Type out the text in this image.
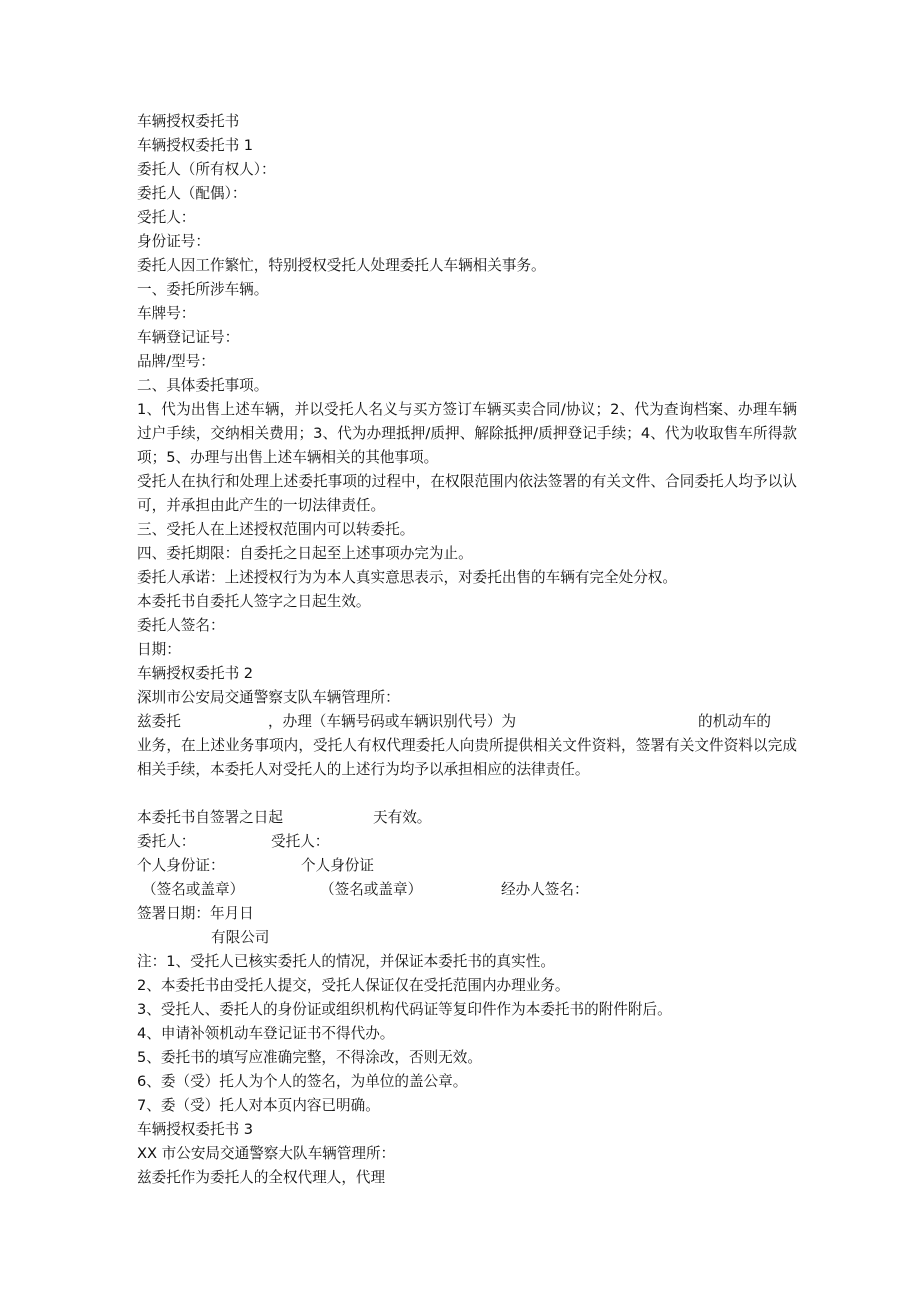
车辆授权委托书
车辆授权委托书 1
委托人（所有权人）：
委托人（配偶）：
受托人：
身份证号：
委托人因工作繁忙，特别授权受托人处理委托人车辆相关事务。
一、委托所涉车辆。
车牌号：
车辆登记证号：
品牌/型号：
二、具体委托事项。
1、代为出售上述车辆，并以受托人名义与买方签订车辆买卖合同/协议；2、代为查询档案、办理车辆过户手续，交纳相关费用；3、代为办理抵押/质押、解除抵押/质押登记手续；4、代为收取售车所得款项；5、办理与出售上述车辆相关的其他事项。
受托人在执行和处理上述委托事项的过程中，在权限范围内依法签署的有关文件、合同委托人均予以认可，并承担由此产生的一切法律责任。
三、受托人在上述授权范围内可以转委托。
四、委托期限：自委托之日起至上述事项办完为止。
委托人承诺：上述授权行为为本人真实意思表示，对委托出售的车辆有完全处分权。
本委托书自委托人签字之日起生效。
委托人签名：
日期：
车辆授权委托书 2
深圳市公安局交通警察支队车辆管理所：
兹委托	，办理（车辆号码或车辆识别代号）为	的机动车的
业务，在上述业务事项内，受托人有权代理委托人向贵所提供相关文件资料，签署有关文件资料以完成相关手续，本委托人对受托人的上述行为均予以承担相应的法律责任。
本委托书自签署之日起	天有效。
委托人：	受托人：
个人身份证：	个人身份证
（签名或盖章）	（签名或盖章）	经办人签名：
签署日期：年月日
有限公司
注：1、受托人已核实委托人的情况，并保证本委托书的真实性。
2、本委托书由受托人提交，受托人保证仅在受托范围内办理业务。
3、受托人、委托人的身份证或组织机构代码证等复印件作为本委托书的附件附后。
4、申请补领机动车登记证书不得代办。
5、委托书的填写应准确完整，不得涂改，否则无效。
6、委（受）托人为个人的签名，为单位的盖公章。
7、委（受）托人对本页内容已明确。
车辆授权委托书 3
XX 市公安局交通警察大队车辆管理所：
兹委托作为委托人的全权代理人，代理
